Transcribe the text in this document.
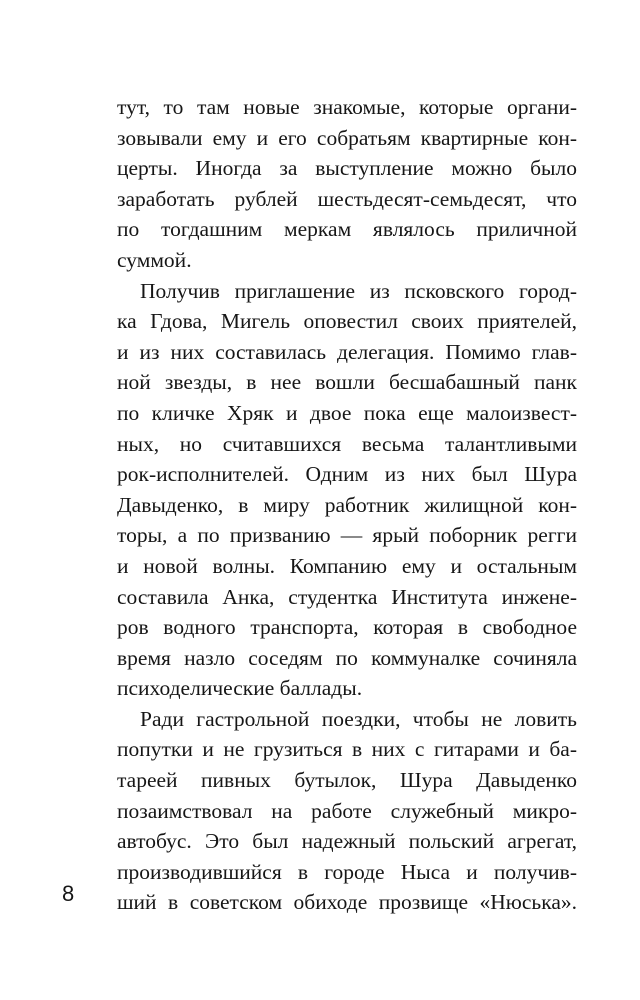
тут, то там новые знакомые, которые органи-
зовывали ему и его собратьям квартирные кон-
церты. Иногда за выступление можно было
заработать рублей шестьдесят-семьдесят, что
по тогдашним меркам являлось приличной
суммой.
Получив приглашение из псковского город-
ка Гдова, Мигель оповестил своих приятелей,
и из них составилась делегация. Помимо глав-
ной звезды, в нее вошли бесшабашный панк
по кличке Хряк и двое пока еще малоизвест-
ных, но считавшихся весьма талантливыми
рок-исполнителей. Одним из них был Шура
Давыденко, в миру работник жилищной кон-
торы, а по призванию — ярый поборник регги
и новой волны. Компанию ему и остальным
составила Анка, студентка Института инжене-
ров водного транспорта, которая в свободное
время назло соседям по коммуналке сочиняла
психоделические баллады.
Ради гастрольной поездки, чтобы не ловить
попутки и не грузиться в них с гитарами и ба-
тареей пивных бутылок, Шура Давыденко
позаимствовал на работе служебный микро-
автобус. Это был надежный польский агрегат,
производившийся в городе Ныса и получив-
ший в советском обиходе прозвище «Нюська».
8
